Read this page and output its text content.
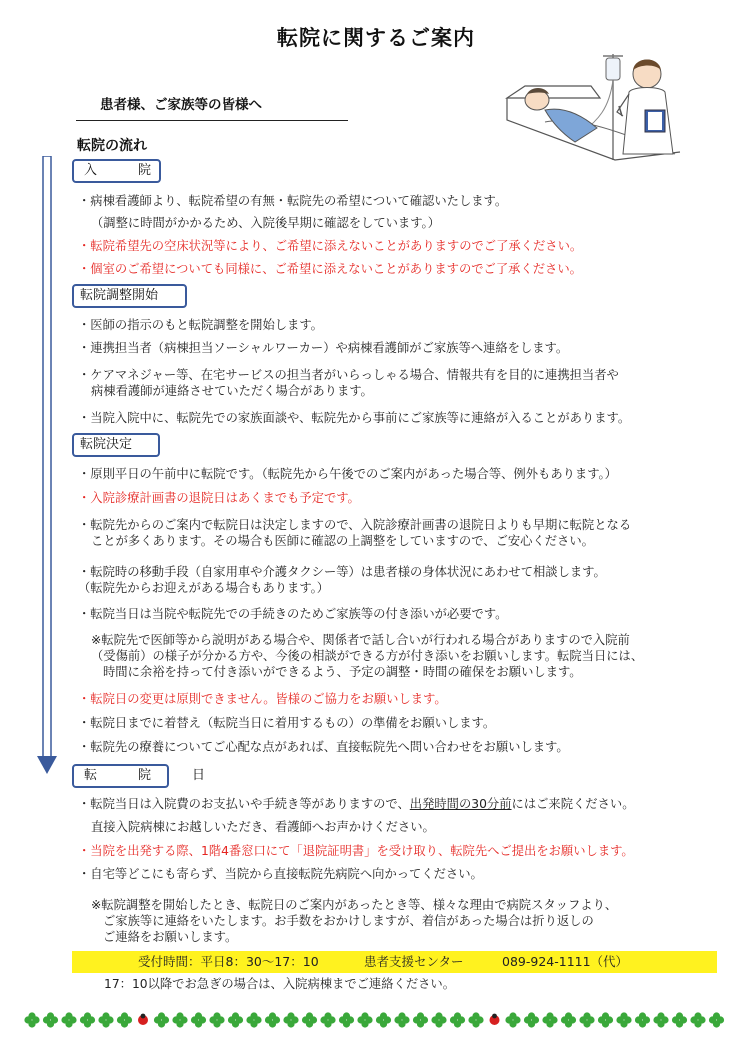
転院に関するご案内
患者様、ご家族等の皆様へ
転院の流れ
入　院
・病棟看護師より、転院希望の有無・転院先の希望について確認いたします。
（調整に時間がかかるため、入院後早期に確認をしています。）
・転院希望先の空床状況等により、ご希望に添えないことがありますのでご了承ください。
・個室のご希望についても同様に、ご希望に添えないことがありますのでご了承ください。
転院調整開始
・医師の指示のもと転院調整を開始します。
・連携担当者（病棟担当ソーシャルワーカー）や病棟看護師がご家族等へ連絡をします。
・ケアマネジャー等、在宅サービスの担当者がいらっしゃる場合、情報共有を目的に連携担当者や
病棟看護師が連絡させていただく場合があります。
・当院入院中に、転院先での家族面談や、転院先から事前にご家族等に連絡が入ることがあります。
転院決定
・原則平日の午前中に転院です。（転院先から午後でのご案内があった場合等、例外もあります。）
・入院診療計画書の退院日はあくまでも予定です。
・転院先からのご案内で転院日は決定しますので、入院診療計画書の退院日よりも早期に転院となる
ことが多くあります。その場合も医師に確認の上調整をしていますので、ご安心ください。
・転院時の移動手段（自家用車や介護タクシー等）は患者様の身体状況にあわせて相談します。
（転院先からお迎えがある場合もあります。）
・転院当日は当院や転院先での手続きのためご家族等の付き添いが必要です。
※転院先で医師等から説明がある場合や、関係者で話し合いが行われる場合がありますので入院前
（受傷前）の様子が分かる方や、今後の相談ができる方が付き添いをお願いします。転院当日には、
時間に余裕を持って付き添いができるよう、予定の調整・時間の確保をお願いします。
・転院日の変更は原則できません。皆様のご協力をお願いします。
・転院日までに着替え（転院当日に着用するもの）の準備をお願いします。
・転院先の療養についてご心配な点があれば、直接転院先へ問い合わせをお願いします。
転　院　日
・転院当日は入院費のお支払いや手続き等がありますので、出発時間の30分前にはご来院ください。
直接入院病棟にお越しいただき、看護師へお声かけください。
・当院を出発する際、1階4番窓口にて「退院証明書」を受け取り、転院先へご提出をお願いします。
・自宅等どこにも寄らず、当院から直接転院先病院へ向かってください。
※転院調整を開始したとき、転院日のご案内があったとき等、様々な理由で病院スタッフより、
ご家族等に連絡をいたします。お手数をおかけしますが、着信があった場合は折り返しの
ご連絡をお願いします。
受付時間：平日8：30〜17：10	患者支援センター	089-924-1111（代）
17：10以降でお急ぎの場合は、入院病棟までご連絡ください。
